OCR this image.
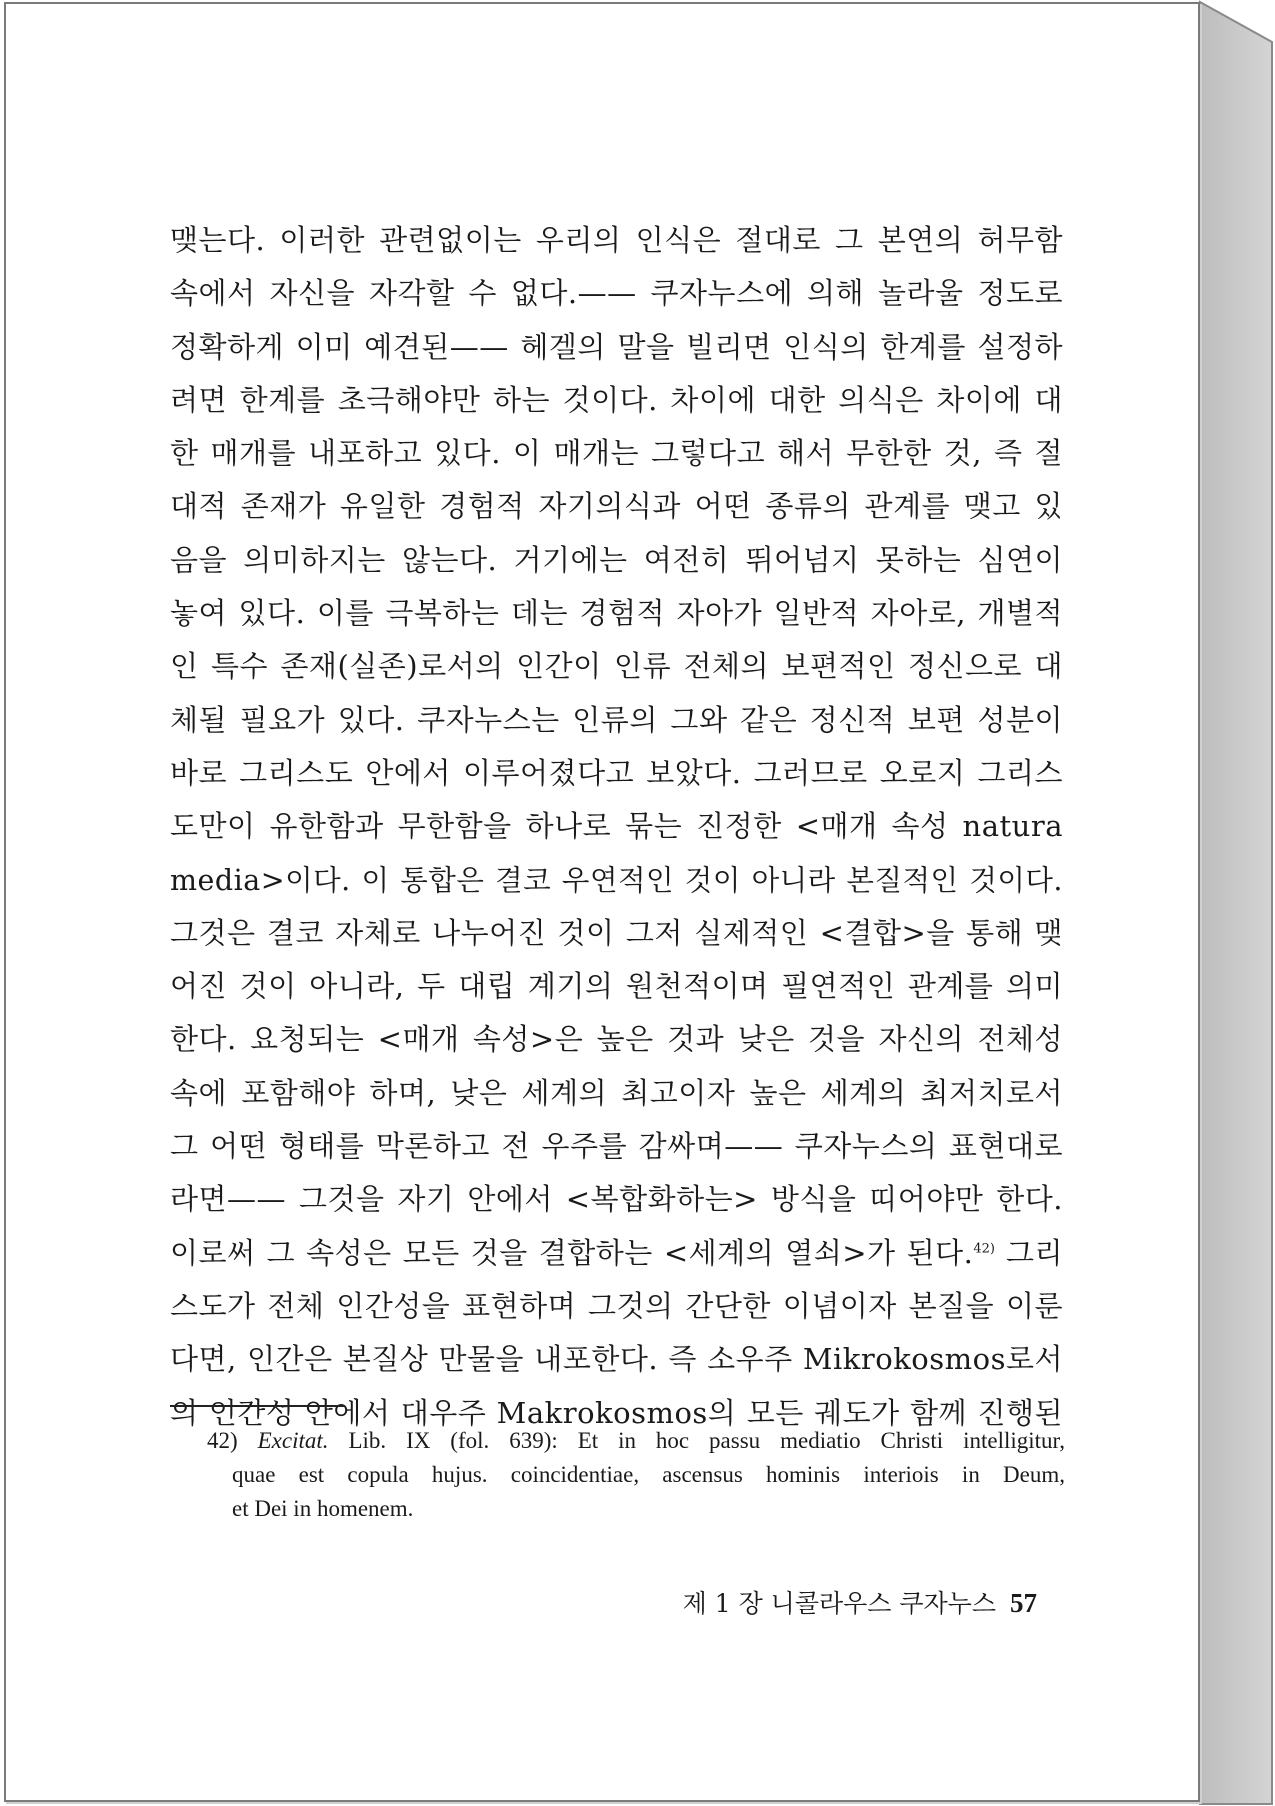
맺는다. 이러한 관련없이는 우리의 인식은 절대로 그 본연의 허무함
속에서 자신을 자각할 수 없다.—— 쿠자누스에 의해 놀라울 정도로
정확하게 이미 예견된—— 헤겔의 말을 빌리면 인식의 한계를 설정하
려면 한계를 초극해야만 하는 것이다. 차이에 대한 의식은 차이에 대
한 매개를 내포하고 있다. 이 매개는 그렇다고 해서 무한한 것, 즉 절
대적 존재가 유일한 경험적 자기의식과 어떤 종류의 관계를 맺고 있
음을 의미하지는 않는다. 거기에는 여전히 뛰어넘지 못하는 심연이
놓여 있다. 이를 극복하는 데는 경험적 자아가 일반적 자아로, 개별적
인 특수 존재(실존)로서의 인간이 인류 전체의 보편적인 정신으로 대
체될 필요가 있다. 쿠자누스는 인류의 그와 같은 정신적 보편 성분이
바로 그리스도 안에서 이루어졌다고 보았다. 그러므로 오로지 그리스
도만이 유한함과 무한함을 하나로 묶는 진정한 <매개 속성 natura
media>이다. 이 통합은 결코 우연적인 것이 아니라 본질적인 것이다.
그것은 결코 자체로 나누어진 것이 그저 실제적인 <결합>을 통해 맺
어진 것이 아니라, 두 대립 계기의 원천적이며 필연적인 관계를 의미
한다. 요청되는 <매개 속성>은 높은 것과 낮은 것을 자신의 전체성
속에 포함해야 하며, 낮은 세계의 최고이자 높은 세계의 최저치로서
그 어떤 형태를 막론하고 전 우주를 감싸며—— 쿠자누스의 표현대로
라면—— 그것을 자기 안에서 <복합화하는> 방식을 띠어야만 한다.
이로써 그 속성은 모든 것을 결합하는 <세계의 열쇠>가 된다.$^{42)}$ 그리
스도가 전체 인간성을 표현하며 그것의 간단한 이념이자 본질을 이룬
다면, 인간은 본질상 만물을 내포한다. 즉 소우주 Mikrokosmos로서
의 인간성 안에서 대우주 Makrokosmos의 모든 궤도가 함께 진행된
42) Excitat. Lib. IX (fol. 639): Et in hoc passu mediatio Christi intelligitur,
quae est copula hujus. coincidentiae, ascensus hominis interiois in Deum,
et Dei in homenem.
제 1 장 니콜라우스 쿠자누스 57
